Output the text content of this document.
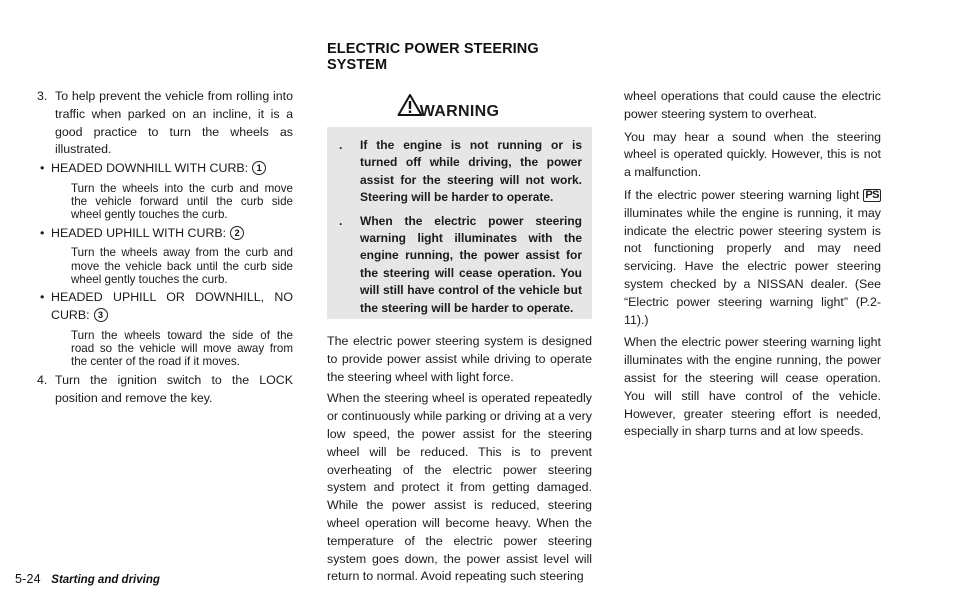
ELECTRIC POWER STEERING
SYSTEM
3. To help prevent the vehicle from rolling into traffic when parked on an incline, it is a good practice to turn the wheels as illustrated.
• HEADED DOWNHILL WITH CURB: 1
Turn the wheels into the curb and move the vehicle forward until the curb side wheel gently touches the curb.
• HEADED UPHILL WITH CURB: 2
Turn the wheels away from the curb and move the vehicle back until the curb side wheel gently touches the curb.
• HEADED UPHILL OR DOWNHILL, NO CURB: 3
Turn the wheels toward the side of the road so the vehicle will move away from the center of the road if it moves.
4. Turn the ignition switch to the LOCK position and remove the key.
WARNING
. If the engine is not running or is turned off while driving, the power assist for the steering will not work. Steering will be harder to operate.
. When the electric power steering warning light illuminates with the engine running, the power assist for the steering will cease operation. You will still have control of the vehicle but the steering will be harder to operate.

The electric power steering system is designed to provide power assist while driving to operate the steering wheel with light force.

When the steering wheel is operated repeatedly or continuously while parking or driving at a very low speed, the power assist for the steering wheel will be reduced. This is to prevent overheating of the electric power steering system and protect it from getting damaged. While the power assist is reduced, steering wheel operation will become heavy. When the temperature of the electric power steering system goes down, the power assist level will return to normal. Avoid repeating such steering

wheel operations that could cause the electric power steering system to overheat.

You may hear a sound when the steering wheel is operated quickly. However, this is not a malfunction.

If the electric power steering warning light PS illuminates while the engine is running, it may indicate the electric power steering system is not functioning properly and may need servicing. Have the electric power steering system checked by a NISSAN dealer. (See “Electric power steering warning light” (P.2-11).)

When the electric power steering warning light illuminates with the engine running, the power assist for the steering will cease operation. You will still have control of the vehicle. However, greater steering effort is needed, especially in sharp turns and at low speeds.

5-24 Starting and driving
